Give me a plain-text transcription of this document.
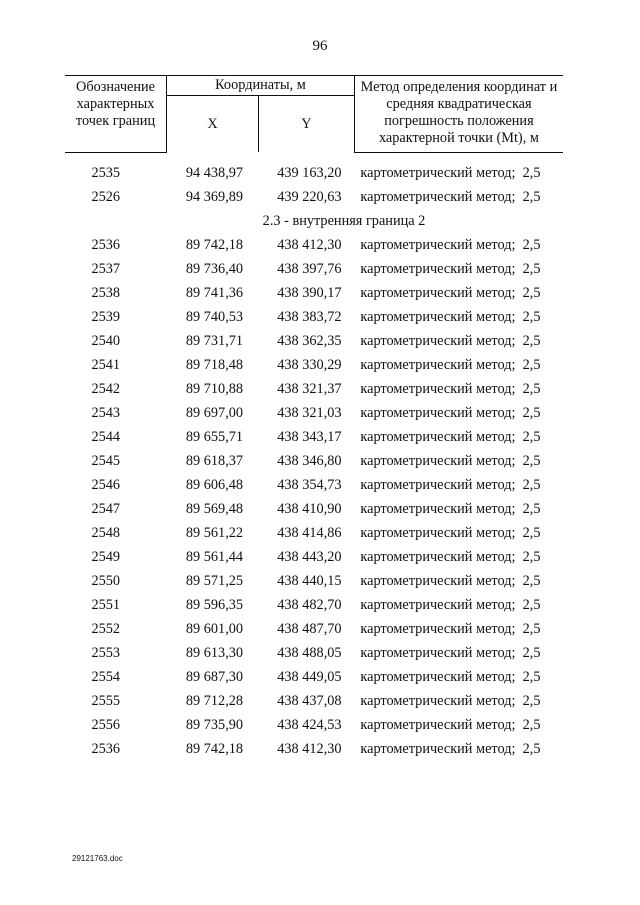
96
Обозначение характерных точек границ	Координаты, м		Метод определения координат и средняя квадратическая погрешность положения характерной точки (Mt), м
	X	Y	

2535	94 438,97	439 163,20	картометрический метод; 2,5
2526	94 369,89	439 220,63	картометрический метод; 2,5
2.3 - внутренняя граница 2			
2536	89 742,18	438 412,30	картометрический метод; 2,5
2537	89 736,40	438 397,76	картометрический метод; 2,5
2538	89 741,36	438 390,17	картометрический метод; 2,5
2539	89 740,53	438 383,72	картометрический метод; 2,5
2540	89 731,71	438 362,35	картометрический метод; 2,5
2541	89 718,48	438 330,29	картометрический метод; 2,5
2542	89 710,88	438 321,37	картометрический метод; 2,5
2543	89 697,00	438 321,03	картометрический метод; 2,5
2544	89 655,71	438 343,17	картометрический метод; 2,5
2545	89 618,37	438 346,80	картометрический метод; 2,5
2546	89 606,48	438 354,73	картометрический метод; 2,5
2547	89 569,48	438 410,90	картометрический метод; 2,5
2548	89 561,22	438 414,86	картометрический метод; 2,5
2549	89 561,44	438 443,20	картометрический метод; 2,5
2550	89 571,25	438 440,15	картометрический метод; 2,5
2551	89 596,35	438 482,70	картометрический метод; 2,5
2552	89 601,00	438 487,70	картометрический метод; 2,5
2553	89 613,30	438 488,05	картометрический метод; 2,5
2554	89 687,30	438 449,05	картометрический метод; 2,5
2555	89 712,28	438 437,08	картометрический метод; 2,5
2556	89 735,90	438 424,53	картометрический метод; 2,5
2536	89 742,18	438 412,30	картометрический метод; 2,5
29121763.doc
